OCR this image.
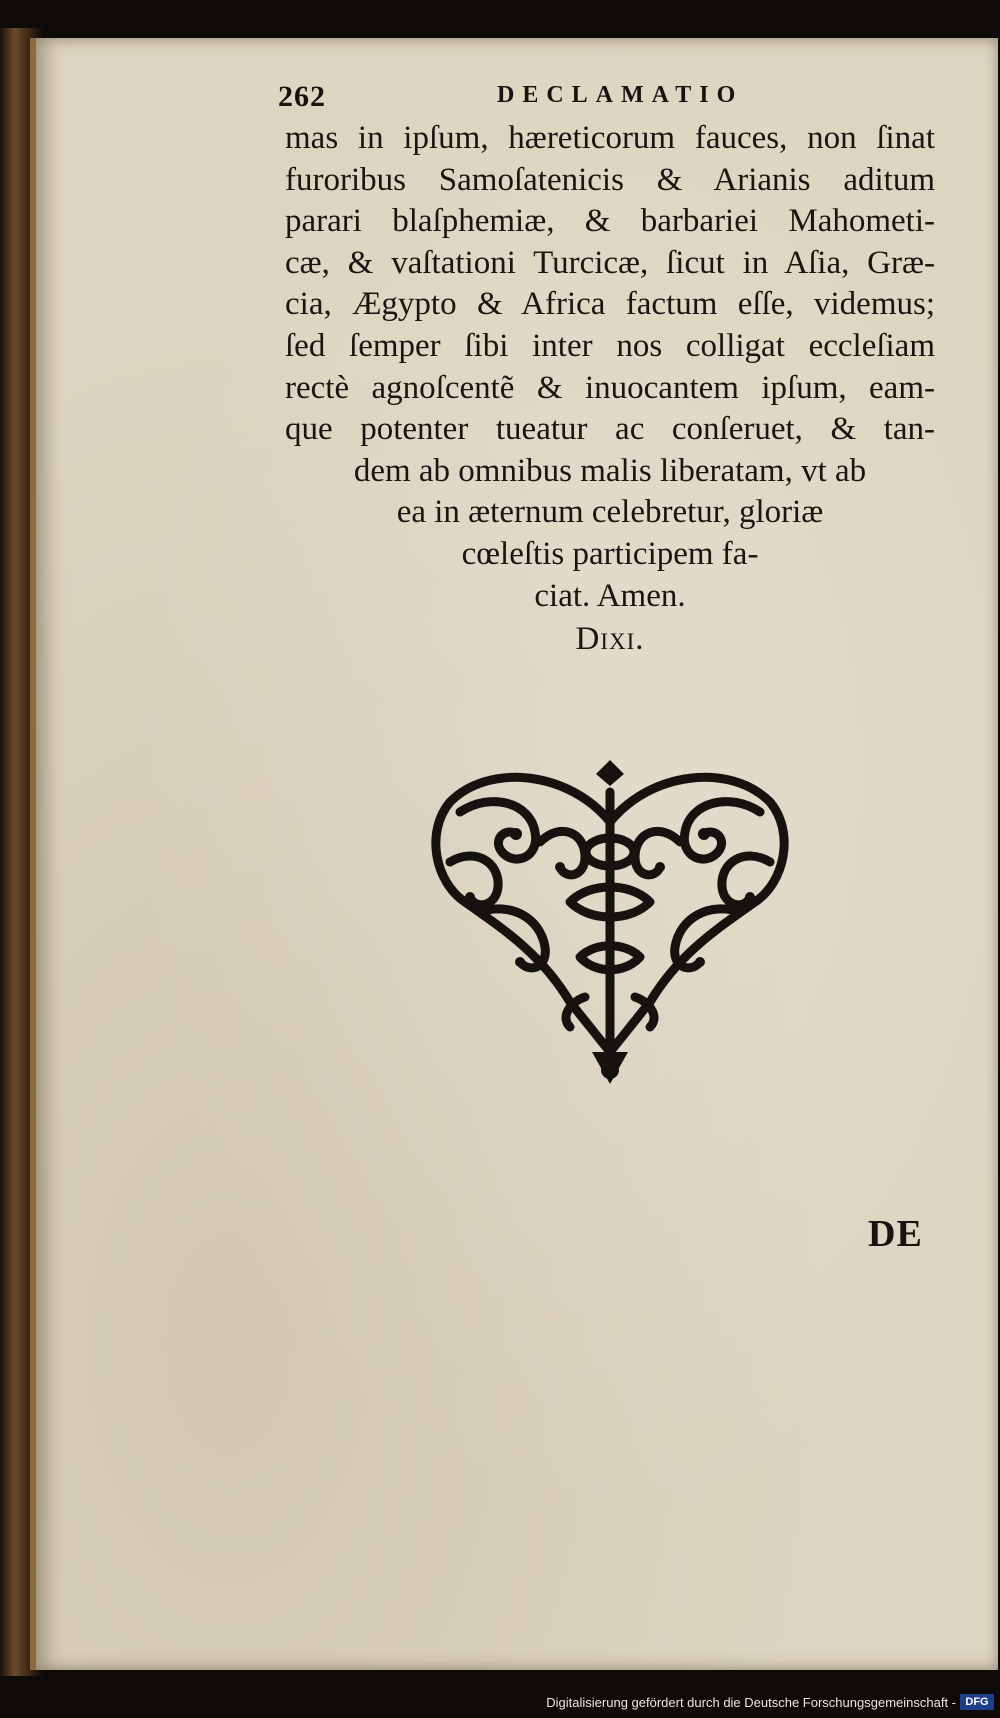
262	DECLAMATIO
mas in ipſum, hæreticorum fauces, non ſinat
furoribus Samoſatenicis & Arianis aditum
parari blaſphemiæ, & barbariei Mahometi-
cæ, & vaſtationi Turcicæ, ſicut in Aſia, Græ-
cia, Ægypto & Africa factum eſſe, videmus;
ſed ſemper ſibi inter nos colligat eccleſiam
rectè agnoſcentẽ & inuocantem ipſum, eam-
que potenter tueatur ac conſeruet, & tan-
dem ab omnibus malis liberatam, vt ab
ea in æternum celebretur, gloriæ
cœleſtis participem fa-
ciat. Amen.
Dixi.
DE
Digitalisierung gefördert durch die Deutsche Forschungsgemeinschaft - DFG
